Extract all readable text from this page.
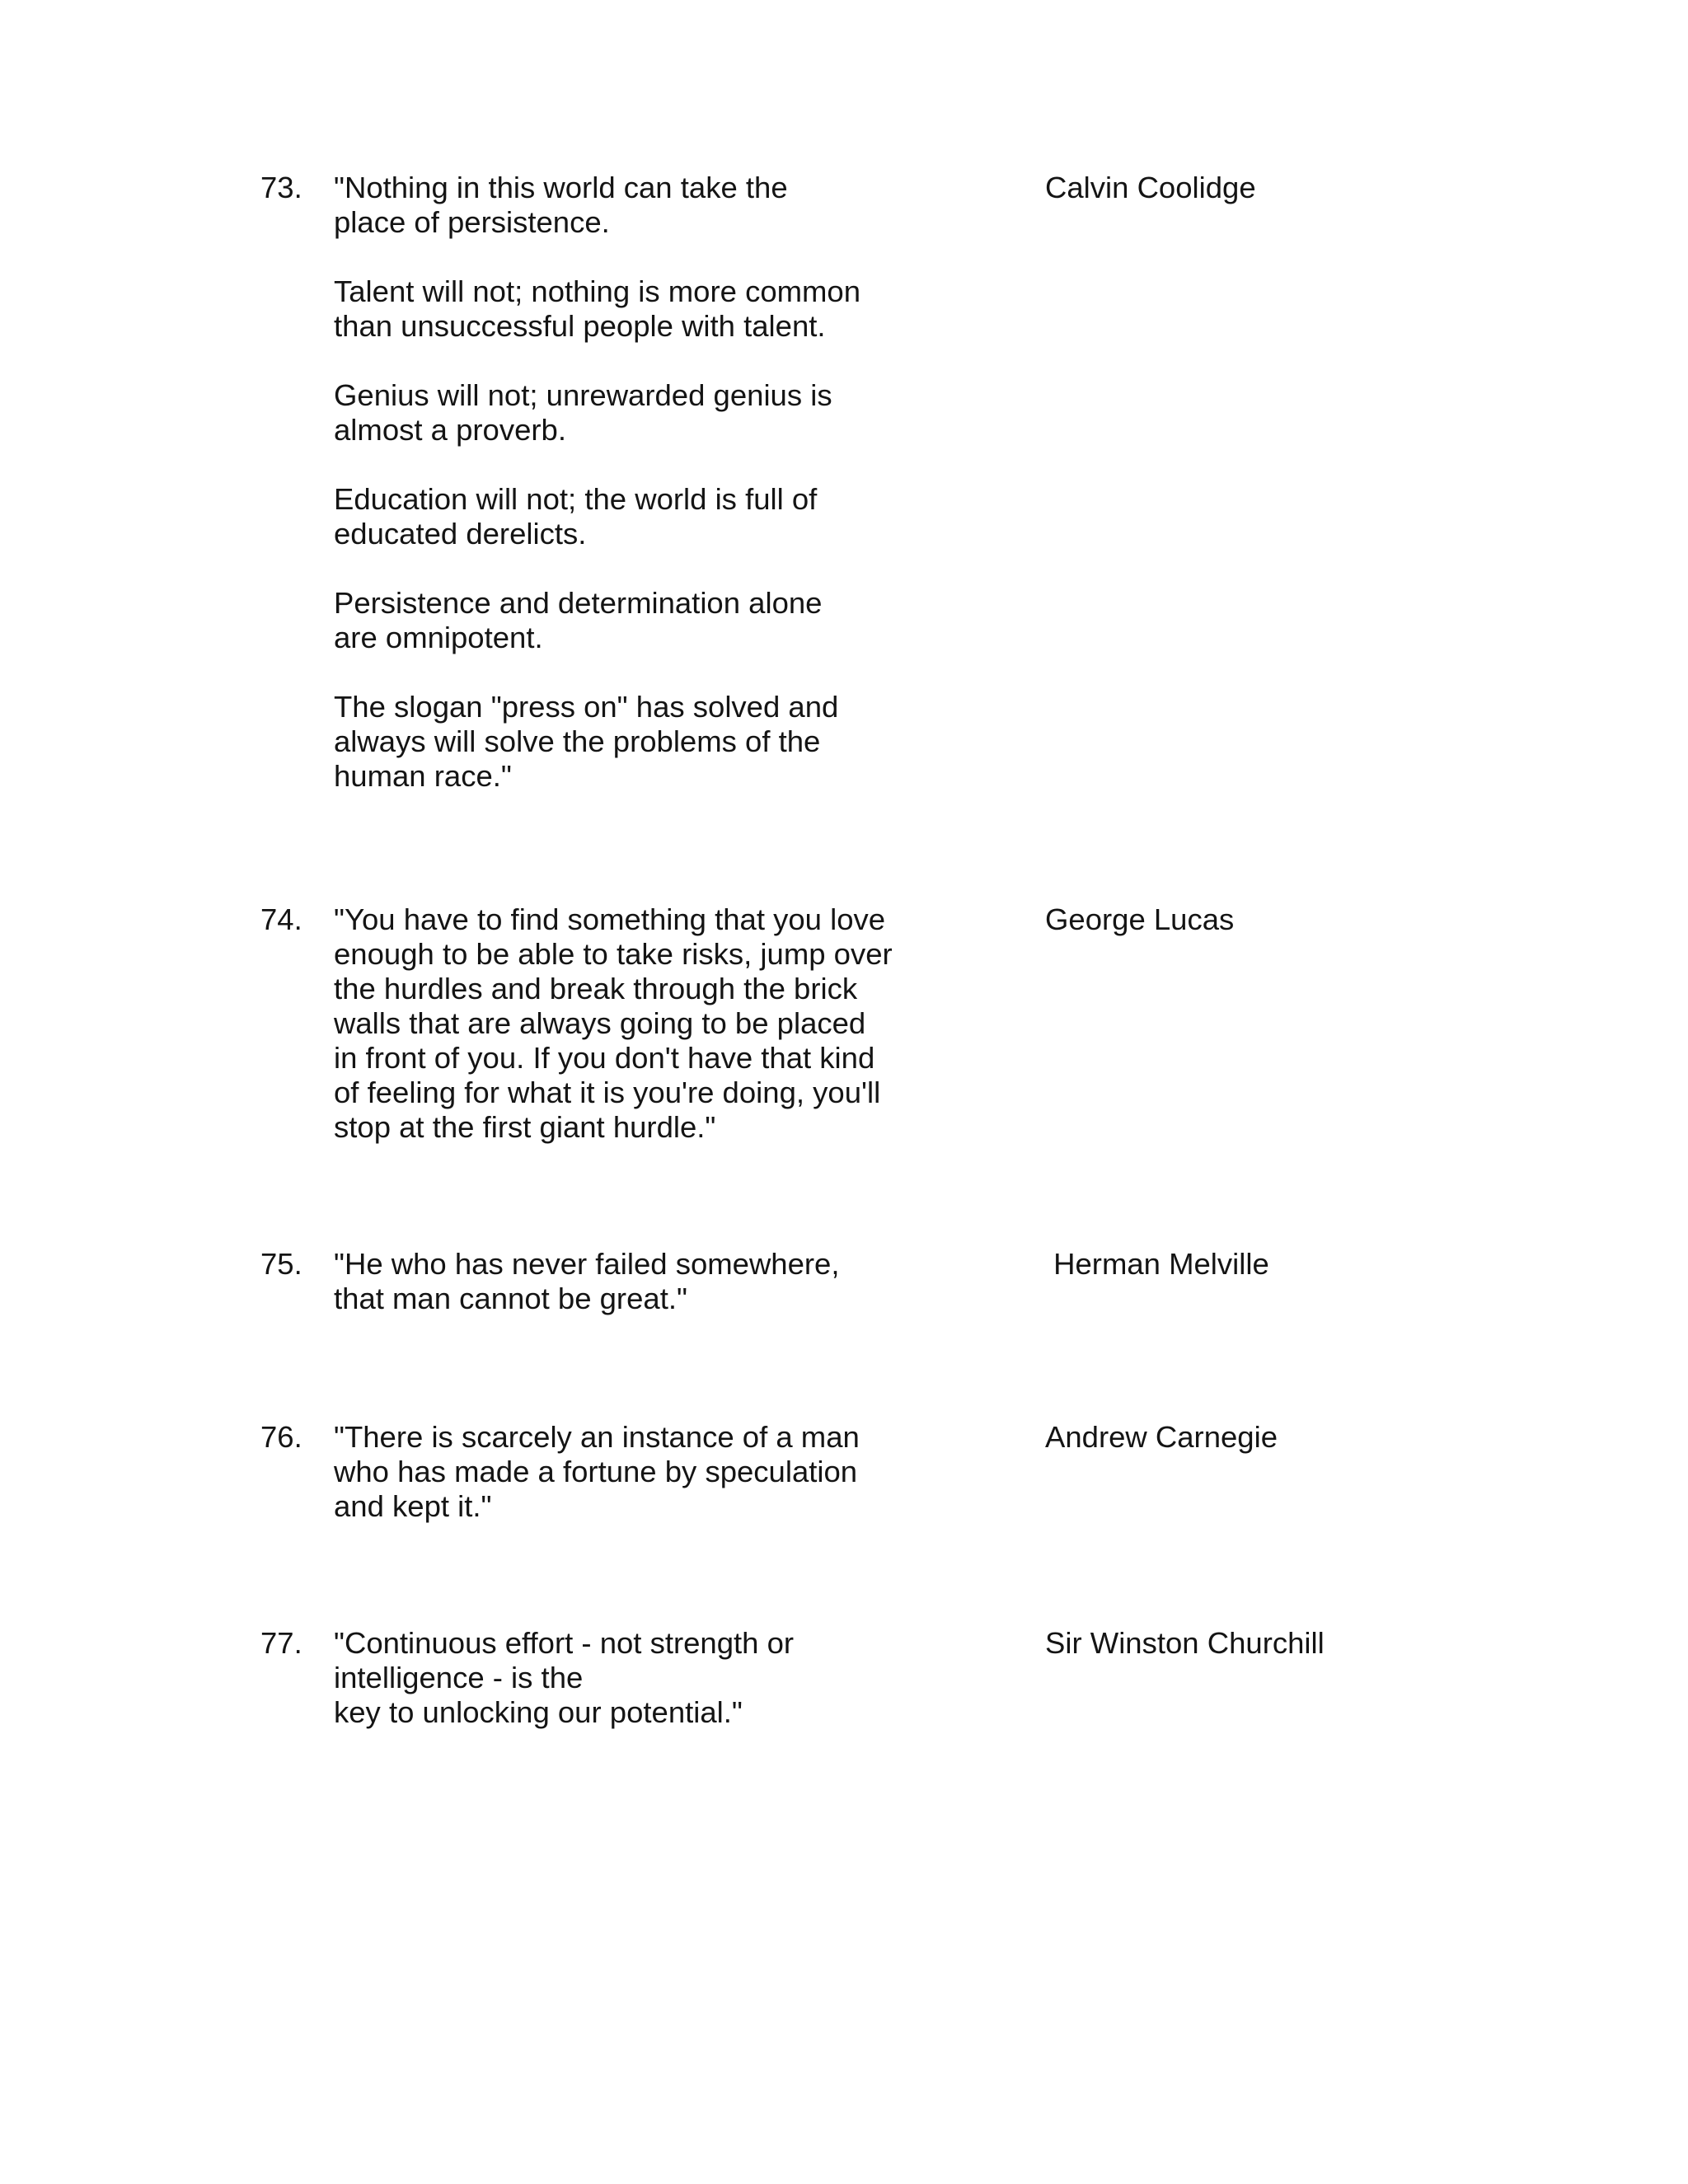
73. "Nothing in this world can take the
place of persistence.

Talent will not; nothing is more common
than unsuccessful people with talent.

Genius will not; unrewarded genius is
almost a proverb.

Education will not; the world is full of
educated derelicts.

Persistence and determination alone
are omnipotent.

The slogan "press on" has solved and
always will solve the problems of the
human race."

Calvin Coolidge
74. "You have to find something that you love
enough to be able to take risks, jump over
the hurdles and break through the brick
walls that are always going to be placed
in front of you. If you don't have that kind
of feeling for what it is you're doing, you'll
stop at the first giant hurdle."

George Lucas
75. "He who has never failed somewhere,
that man cannot be great."

Herman Melville
76. "There is scarcely an instance of a man
who has made a fortune by speculation
and kept it."

Andrew Carnegie
77. "Continuous effort - not strength or
intelligence - is the
key to unlocking our potential."

Sir Winston Churchill
